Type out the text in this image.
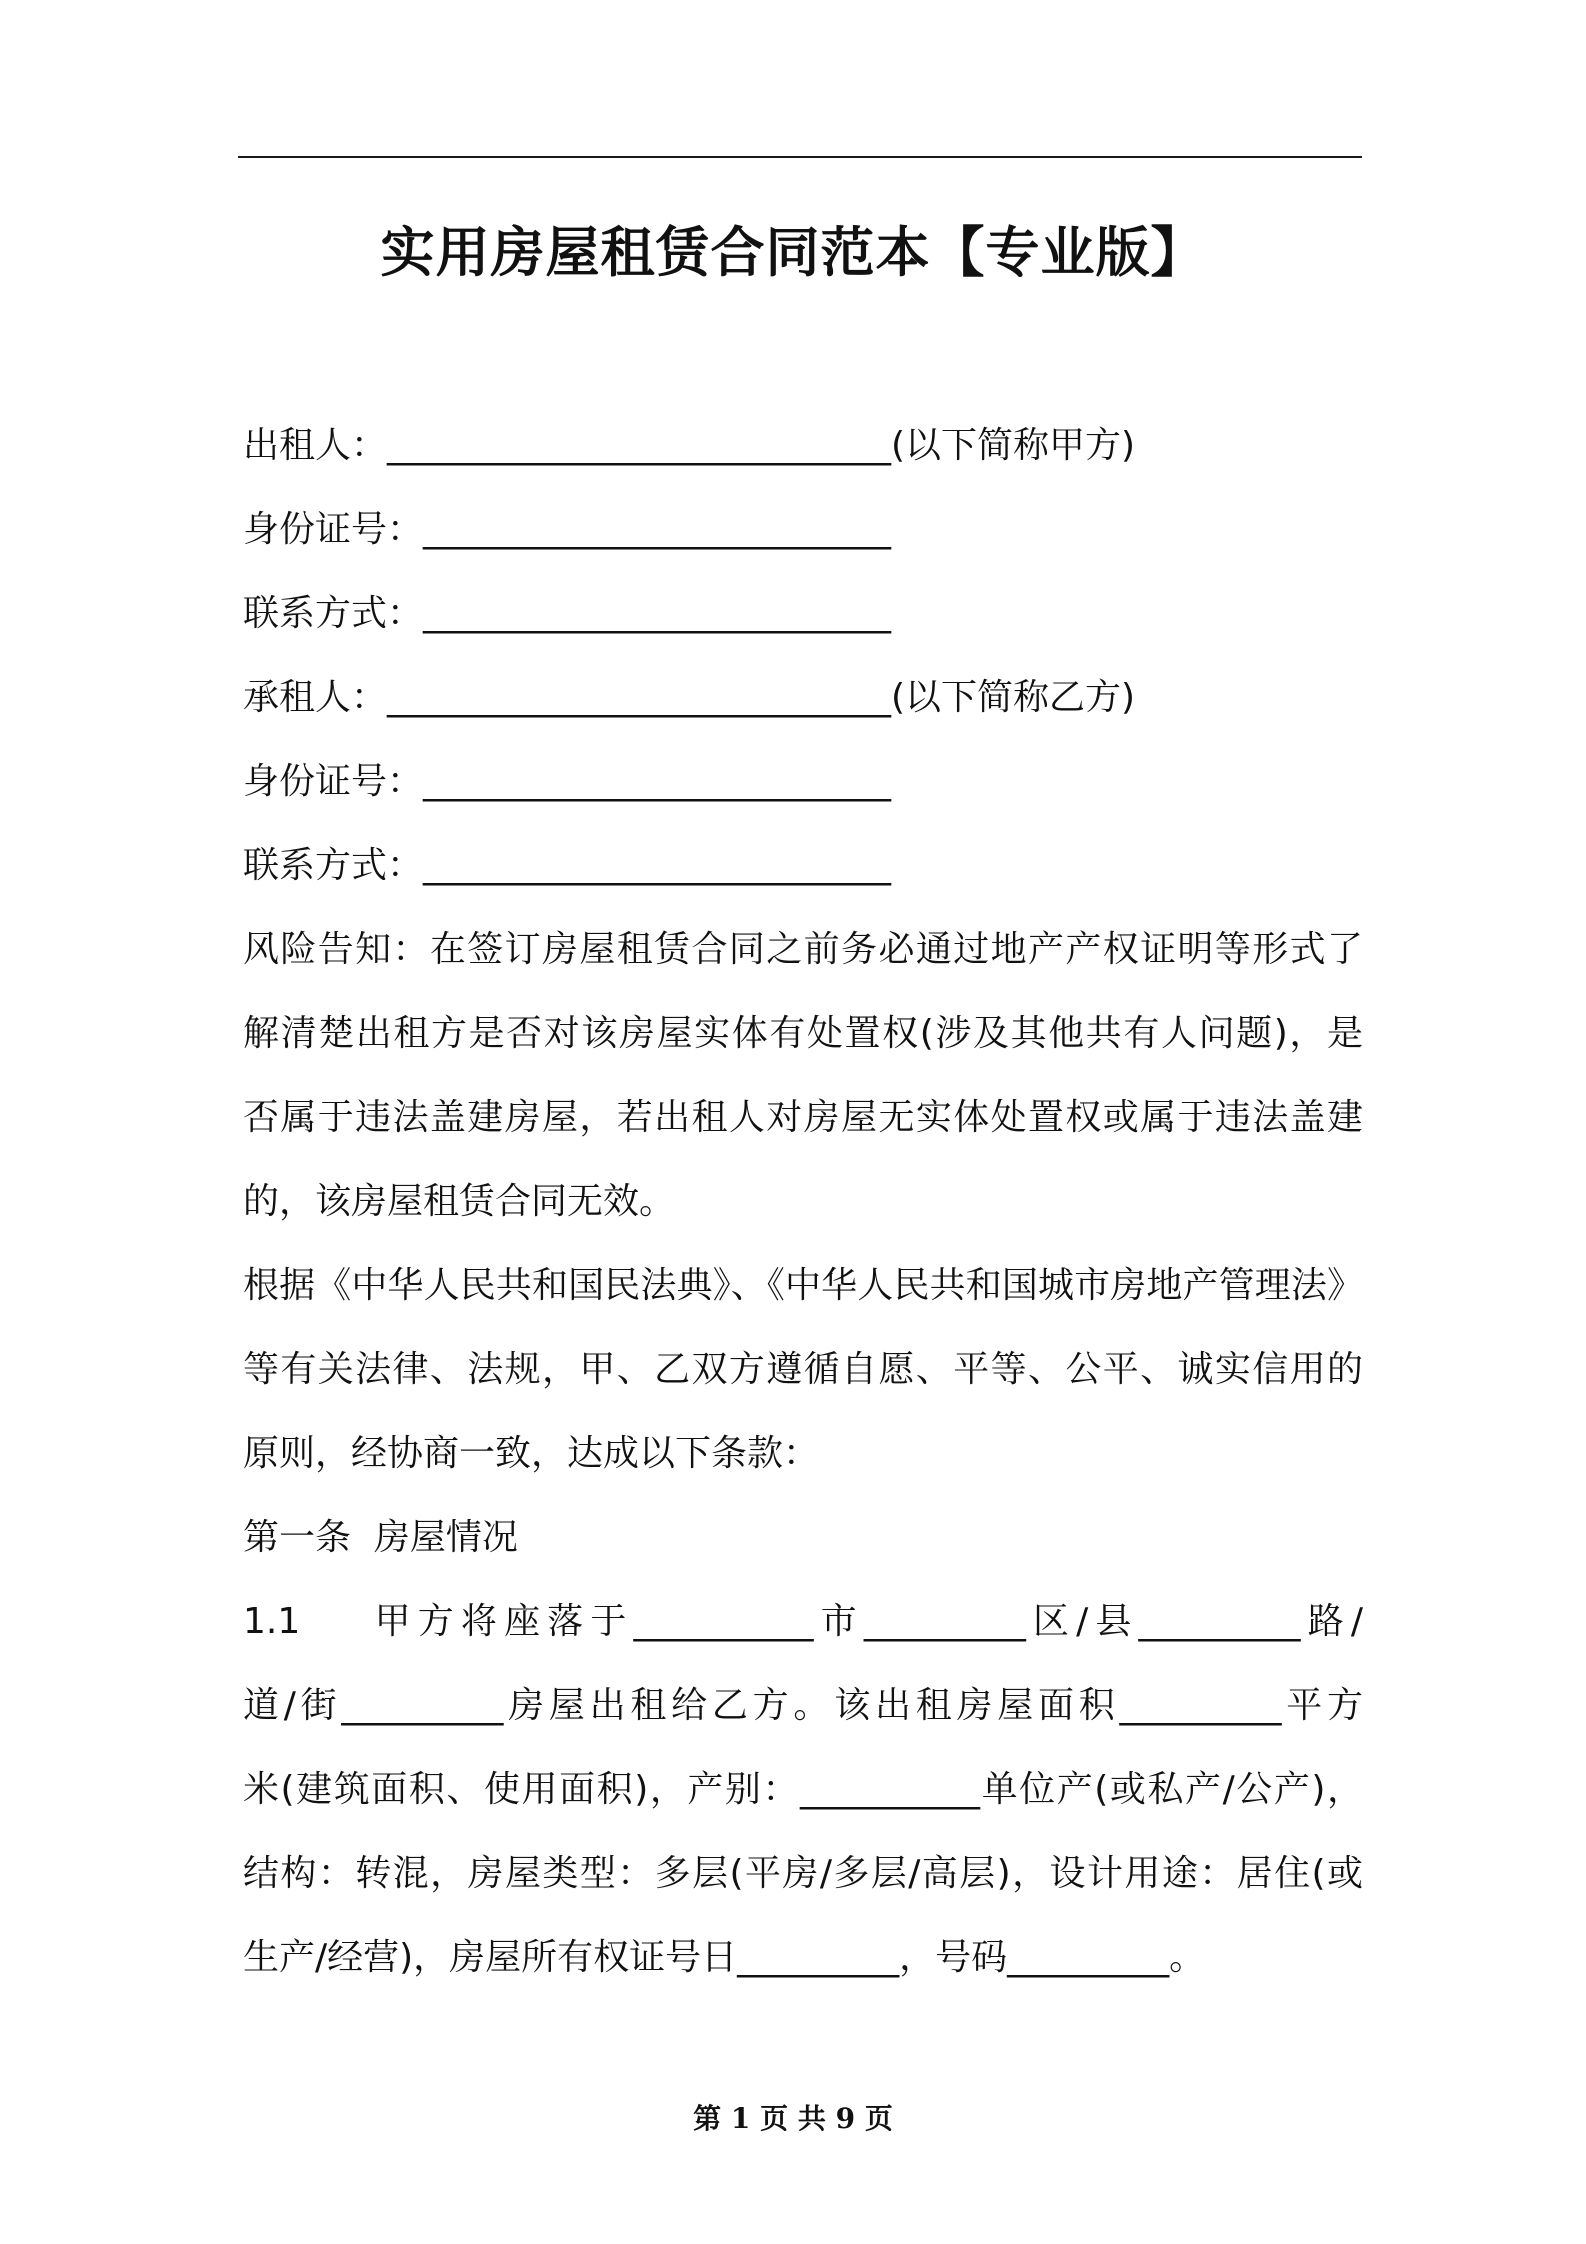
实用房屋租赁合同范本【专业版】
出租人：____________________________(以下简称甲方)
身份证号：__________________________
联系方式：__________________________
承租人：____________________________(以下简称乙方)
身份证号：__________________________
联系方式：__________________________
风险告知：在签订房屋租赁合同之前务必通过地产产权证明等形式了
解清楚出租方是否对该房屋实体有处置权(涉及其他共有人问题)，是
否属于违法盖建房屋，若出租人对房屋无实体处置权或属于违法盖建
的，该房屋租赁合同无效。
根据《中华人民共和国民法典》、《中华人民共和国城市房地产管理法》
等有关法律、法规，甲、乙双方遵循自愿、平等、公平、诚实信用的
原则，经协商一致，达成以下条款：
第一条  房屋情况
1.1    甲方将座落于__________市_________区/县_________路/
道/街_________房屋出租给乙方。该出租房屋面积_________平方
米(建筑面积、使用面积)，产别：__________单位产(或私产/公产)，
结构：转混，房屋类型：多层(平房/多层/高层)，设计用途：居住(或
生产/经营)，房屋所有权证号日_________，号码_________。
第 1 页 共 9 页
